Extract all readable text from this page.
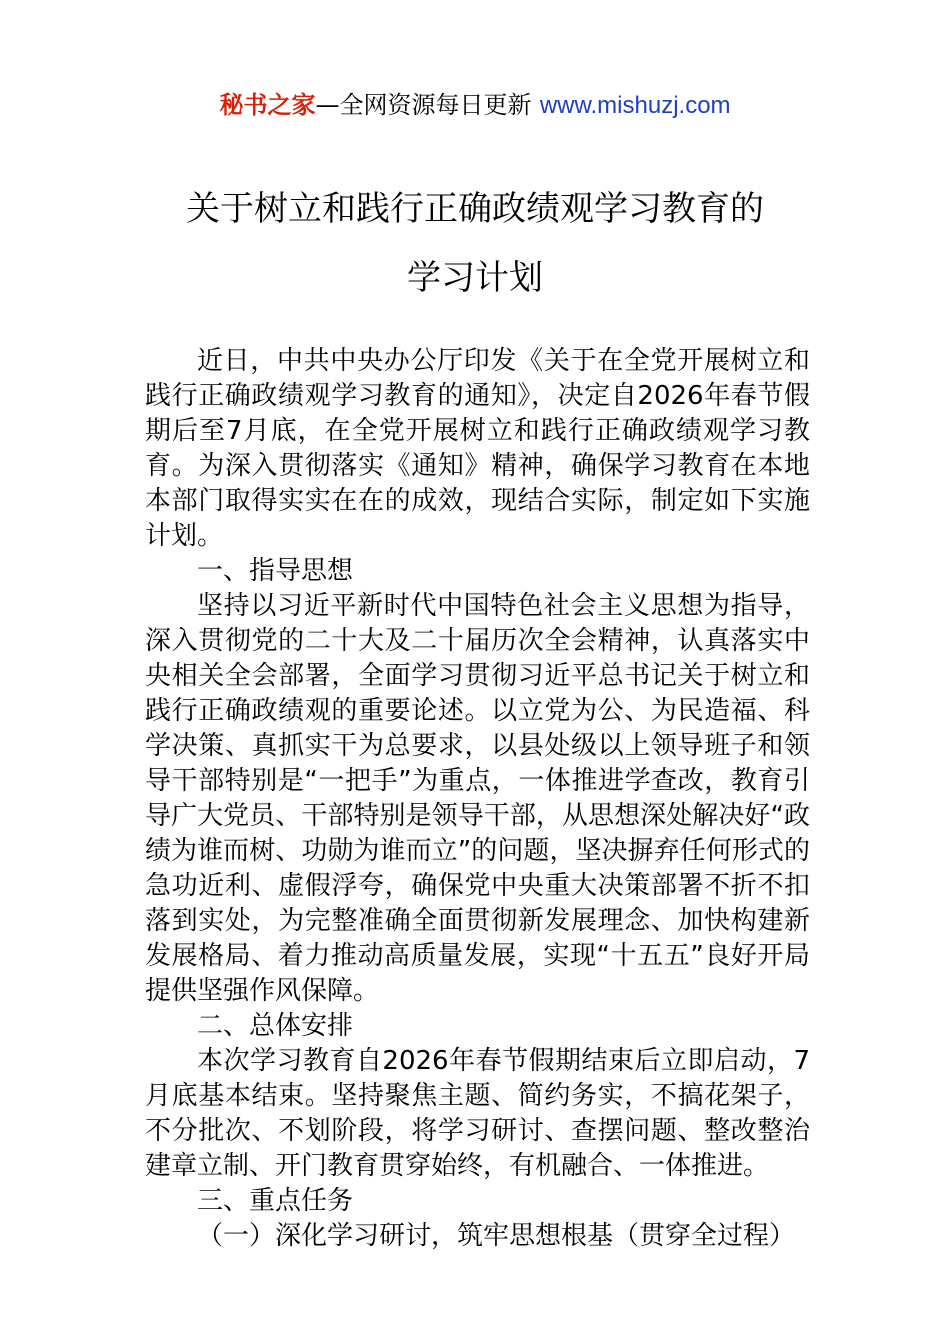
秘书之家—全网资源每日更新 www.mishuzj.com
关于树立和践行正确政绩观学习教育的
学习计划

近日，中共中央办公厅印发《关于在全党开展树立和践行正确政绩观学习教育的通知》，决定自2026年春节假期后至7月底，在全党开展树立和践行正确政绩观学习教育。为深入贯彻落实《通知》精神，确保学习教育在本地本部门取得实实在在的成效，现结合实际，制定如下实施计划。

一、指导思想

坚持以习近平新时代中国特色社会主义思想为指导，深入贯彻党的二十大及二十届历次全会精神，认真落实中央相关全会部署，全面学习贯彻习近平总书记关于树立和践行正确政绩观的重要论述。以立党为公、为民造福、科学决策、真抓实干为总要求，以县处级以上领导班子和领导干部特别是“一把手”为重点，一体推进学查改，教育引导广大党员、干部特别是领导干部，从思想深处解决好“政绩为谁而树、功勋为谁而立”的问题，坚决摒弃任何形式的急功近利、虚假浮夸，确保党中央重大决策部署不折不扣落到实处，为完整准确全面贯彻新发展理念、加快构建新发展格局、着力推动高质量发展，实现“十五五”良好开局提供坚强作风保障。

二、总体安排

本次学习教育自2026年春节假期结束后立即启动，7月底基本结束。坚持聚焦主题、简约务实，不搞花架子，不分批次、不划阶段，将学习研讨、查摆问题、整改整治建章立制、开门教育贯穿始终，有机融合、一体推进。

三、重点任务

（一）深化学习研讨，筑牢思想根基（贯穿全过程）
